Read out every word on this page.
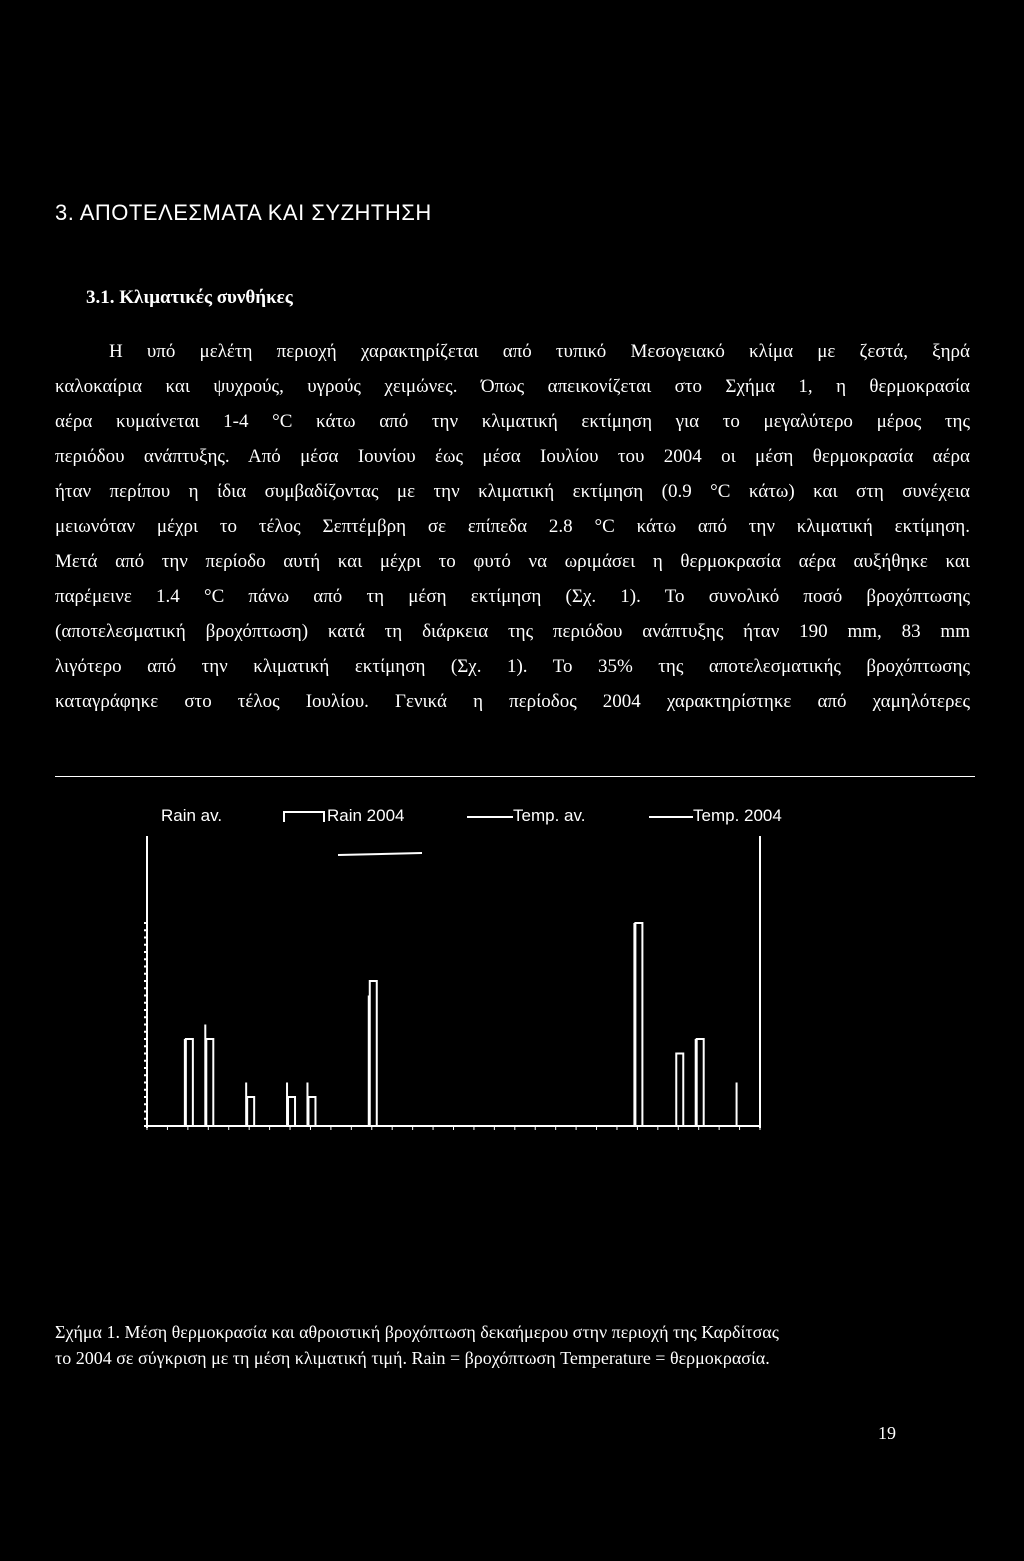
3. ΑΠΟΤΕΛΕΣΜΑΤΑ ΚΑΙ ΣΥΖΗΤΗΣΗ
3.1. Κλιματικές συνθήκες
Η υπό μελέτη περιοχή χαρακτηρίζεται από τυπικό Μεσογειακό κλίμα με ζεστά, ξηρά
καλοκαίρια και ψυχρούς, υγρούς χειμώνες. Όπως απεικονίζεται στο Σχήμα 1, η θερμοκρασία
αέρα κυμαίνεται 1-4 °C κάτω από την κλιματική εκτίμηση για το μεγαλύτερο μέρος της
περιόδου ανάπτυξης. Από μέσα Ιουνίου έως μέσα Ιουλίου του 2004 οι μέση θερμοκρασία αέρα
ήταν περίπου η ίδια συμβαδίζοντας με την κλιματική εκτίμηση (0.9 °C κάτω) και στη συνέχεια
μειωνόταν μέχρι το τέλος Σεπτέμβρη σε επίπεδα 2.8 °C κάτω από την κλιματική εκτίμηση.
Μετά από την περίοδο αυτή και μέχρι το φυτό να ωριμάσει η θερμοκρασία αέρα αυξήθηκε και
παρέμεινε 1.4 °C πάνω από τη μέση εκτίμηση (Σχ. 1). Το συνολικό ποσό βροχόπτωσης
(αποτελεσματική βροχόπτωση) κατά τη διάρκεια της περιόδου ανάπτυξης ήταν 190 mm, 83 mm
λιγότερο από την κλιματική εκτίμηση (Σχ. 1). Το 35% της αποτελεσματικής βροχόπτωσης
καταγράφηκε στο τέλος Ιουλίου. Γενικά η περίοδος 2004 χαρακτηρίστηκε από χαμηλότερες
Rain av.	Rain 2004	Temp. av.	Temp. 2004
Σχήμα 1. Μέση θερμοκρασία και αθροιστική βροχόπτωση δεκαήμερου στην περιοχή της Καρδίτσας
το 2004 σε σύγκριση με τη μέση κλιματική τιμή. Rain = βροχόπτωση Temperature = θερμοκρασία.
19
